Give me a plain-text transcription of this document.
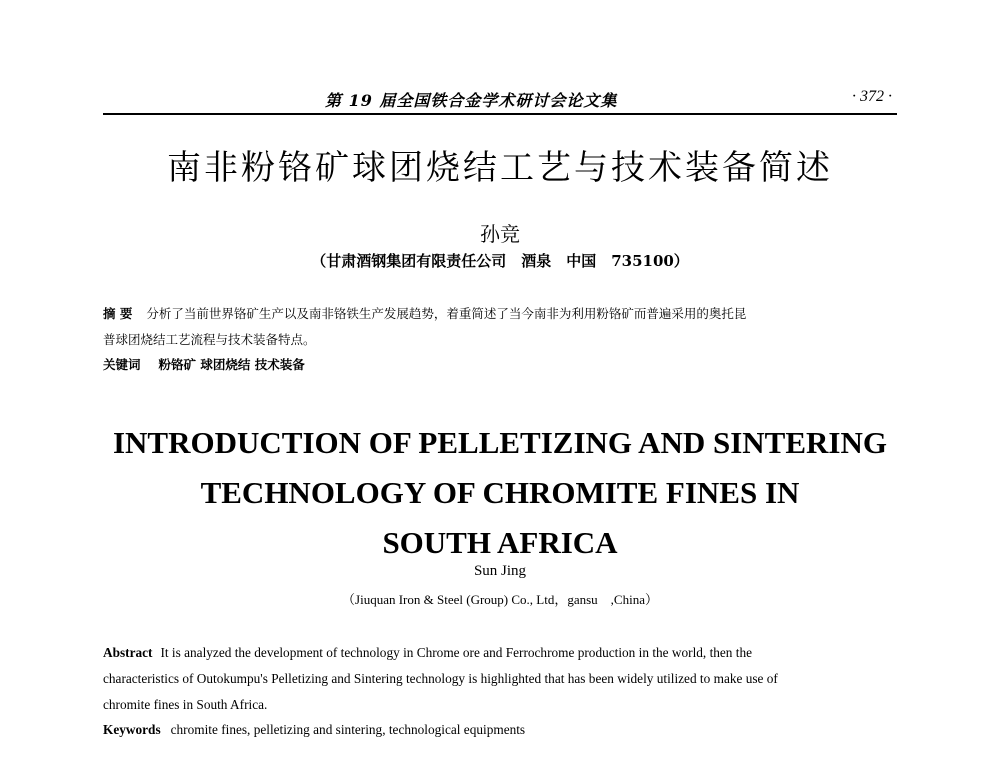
第 19 届全国铁合金学术研讨会论文集	· 372 ·
南非粉铬矿球团烧结工艺与技术装备简述
孙竞
（甘肃酒钢集团有限责任公司　酒泉　中国　735100）
摘 要 分析了当前世界铬矿生产以及南非铬铁生产发展趋势，着重简述了当今南非为利用粉铬矿而普遍采用的奥托昆
普球团烧结工艺流程与技术装备特点。
关键词 粉铬矿 球团烧结 技术装备
INTRODUCTION OF PELLETIZING AND SINTERING
TECHNOLOGY OF CHROMITE FINES IN
SOUTH AFRICA
Sun Jing
（Jiuquan Iron & Steel (Group) Co., Ltd，gansu　,China）
Abstract It is analyzed the development of technology in Chrome ore and Ferrochrome production in the world, then the
characteristics of Outokumpu's Pelletizing and Sintering technology is highlighted that has been widely utilized to make use of
chromite fines in South Africa.
Keywords chromite fines, pelletizing and sintering, technological equipments
